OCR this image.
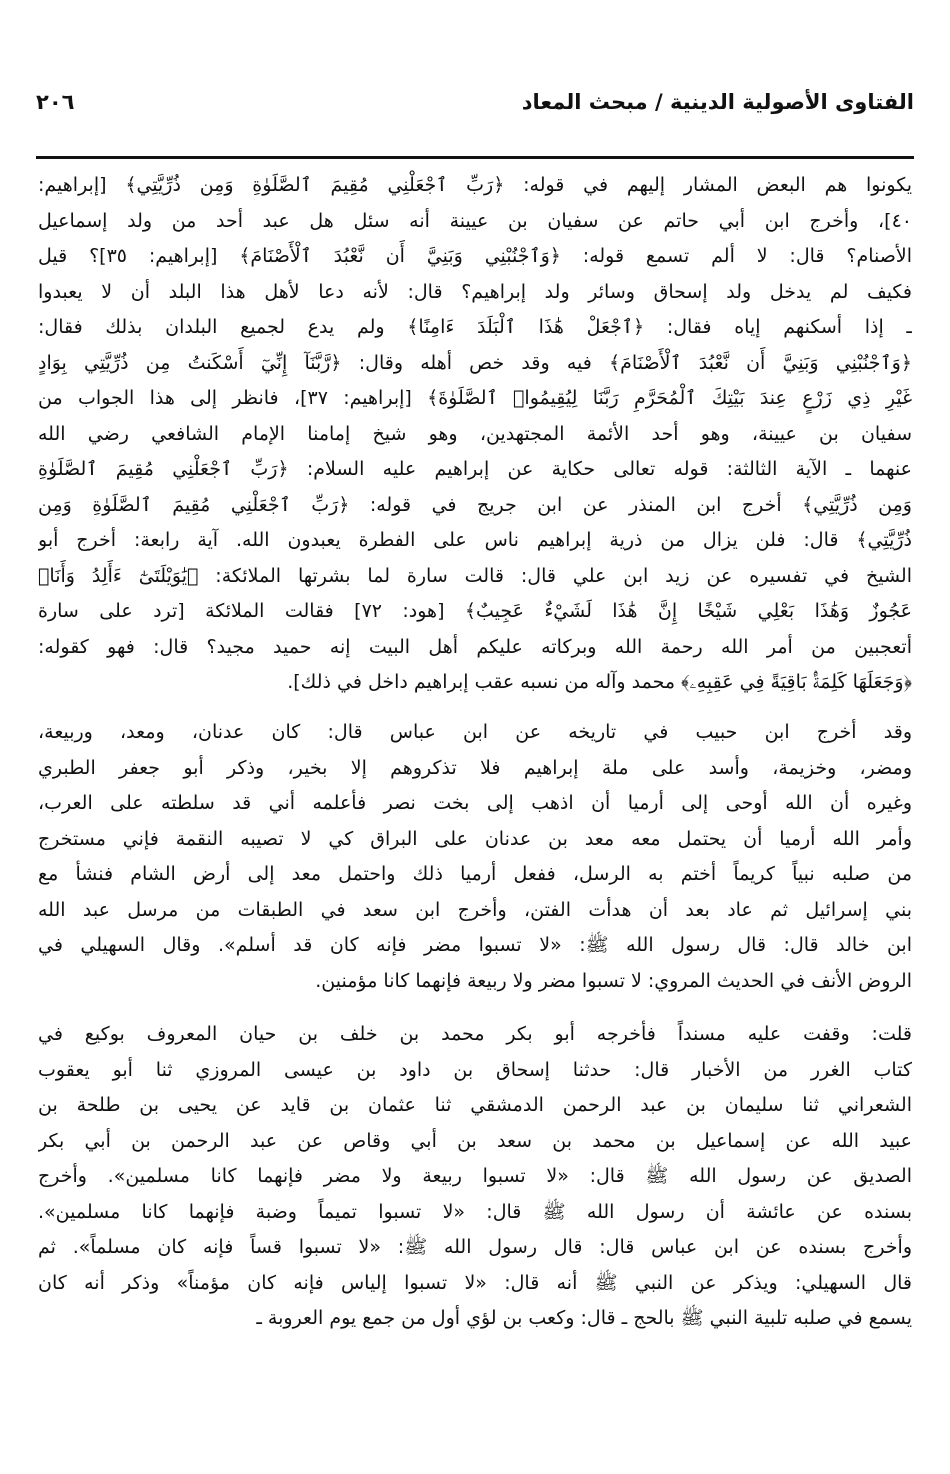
الفتاوى الأصولية الدينية / مبحث المعاد
٢٠٦
يكونوا هم البعض المشار إليهم في قوله: ﴿رَبِّ ٱجْعَلْنِي مُقِيمَ ٱلصَّلَوٰةِ وَمِن ذُرِّيَّتِي﴾ [إبراهيم:
٤٠]، وأخرج ابن أبي حاتم عن سفيان بن عيينة أنه سئل هل عبد أحد من ولد إسماعيل
الأصنام؟ قال: لا ألم تسمع قوله: ﴿وَٱجْنُبْنِي وَبَنِيَّ أَن نَّعْبُدَ ٱلْأَصْنَامَ﴾ [إبراهيم: ٣٥]؟ قيل
فكيف لم يدخل ولد إسحاق وسائر ولد إبراهيم؟ قال: لأنه دعا لأهل هذا البلد أن لا يعبدوا
ـ إذا أسكنهم إياه فقال: ﴿ٱجْعَلْ هَٰذَا ٱلْبَلَدَ ءَامِنًا﴾ ولم يدع لجميع البلدان بذلك فقال:
﴿وَٱجْنُبْنِي وَبَنِيَّ أَن نَّعْبُدَ ٱلْأَصْنَامَ﴾ فيه وقد خص أهله وقال: ﴿رَّبَّنَآ إِنِّيٓ أَسْكَنتُ مِن ذُرِّيَّتِي بِوَادٍ
غَيْرِ ذِي زَرْعٍ عِندَ بَيْتِكَ ٱلْمُحَرَّمِ رَبَّنَا لِيُقِيمُوا۟ ٱلصَّلَوٰةَ﴾ [إبراهيم: ٣٧]، فانظر إلى هذا الجواب من
سفيان بن عيينة، وهو أحد الأئمة المجتهدين، وهو شيخ إمامنا الإمام الشافعي رضي الله
عنهما ـ الآية الثالثة: قوله تعالى حكاية عن إبراهيم عليه السلام: ﴿رَبِّ ٱجْعَلْنِي مُقِيمَ ٱلصَّلَوٰةِ
وَمِن ذُرِّيَّتِي﴾ أخرج ابن المنذر عن ابن جريج في قوله: ﴿رَبِّ ٱجْعَلْنِي مُقِيمَ ٱلصَّلَوٰةِ وَمِن
ذُرِّيَّتِي﴾ قال: فلن يزال من ذرية إبراهيم ناس على الفطرة يعبدون الله. آية رابعة: أخرج أبو
الشيخ في تفسيره عن زيد ابن علي قال: قالت سارة لما بشرتها الملائكة: ﴿يَٰوَيْلَتَىٰٓ ءَأَلِدُ وَأَنَا۠
عَجُوزٌ وَهَٰذَا بَعْلِي شَيْخًا إِنَّ هَٰذَا لَشَيْءٌ عَجِيبٌ﴾ [هود: ٧٢] فقالت الملائكة [ترد على سارة
أتعجبين من أمر الله رحمة الله وبركاته عليكم أهل البيت إنه حميد مجيد؟ قال: فهو كقوله:
﴿وَجَعَلَهَا كَلِمَةًۢ بَاقِيَةً فِي عَقِبِهِۦ﴾ محمد وآله من نسبه عقب إبراهيم داخل في ذلك].
وقد أخرج ابن حبيب في تاريخه عن ابن عباس قال: كان عدنان، ومعد، وربيعة،
ومضر، وخزيمة، وأسد على ملة إبراهيم فلا تذكروهم إلا بخير، وذكر أبو جعفر الطبري
وغيره أن الله أوحى إلى أرميا أن اذهب إلى بخت نصر فأعلمه أني قد سلطته على العرب،
وأمر الله أرميا أن يحتمل معه معد بن عدنان على البراق كي لا تصيبه النقمة فإني مستخرج
من صلبه نبياً كريماً أختم به الرسل، ففعل أرميا ذلك واحتمل معد إلى أرض الشام فنشأ مع
بني إسرائيل ثم عاد بعد أن هدأت الفتن، وأخرج ابن سعد في الطبقات من مرسل عبد الله
ابن خالد قال: قال رسول الله ﷺ: «لا تسبوا مضر فإنه كان قد أسلم». وقال السهيلي في
الروض الأنف في الحديث المروي: لا تسبوا مضر ولا ربيعة فإنهما كانا مؤمنين.
قلت: وقفت عليه مسنداً فأخرجه أبو بكر محمد بن خلف بن حيان المعروف بوكيع في
كتاب الغرر من الأخبار قال: حدثنا إسحاق بن داود بن عيسى المروزي ثنا أبو يعقوب
الشعراني ثنا سليمان بن عبد الرحمن الدمشقي ثنا عثمان بن قايد عن يحيى بن طلحة بن
عبيد الله عن إسماعيل بن محمد بن سعد بن أبي وقاص عن عبد الرحمن بن أبي بكر
الصديق عن رسول الله ﷺ قال: «لا تسبوا ربيعة ولا مضر فإنهما كانا مسلمين». وأخرج
بسنده عن عائشة أن رسول الله ﷺ قال: «لا تسبوا تميماً وضبة فإنهما كانا مسلمين».
وأخرج بسنده عن ابن عباس قال: قال رسول الله ﷺ: «لا تسبوا قساً فإنه كان مسلماً». ثم
قال السهيلي: ويذكر عن النبي ﷺ أنه قال: «لا تسبوا إلياس فإنه كان مؤمناً» وذكر أنه كان
يسمع في صلبه تلبية النبي ﷺ بالحج ـ قال: وكعب بن لؤي أول من جمع يوم العروبة ـ
